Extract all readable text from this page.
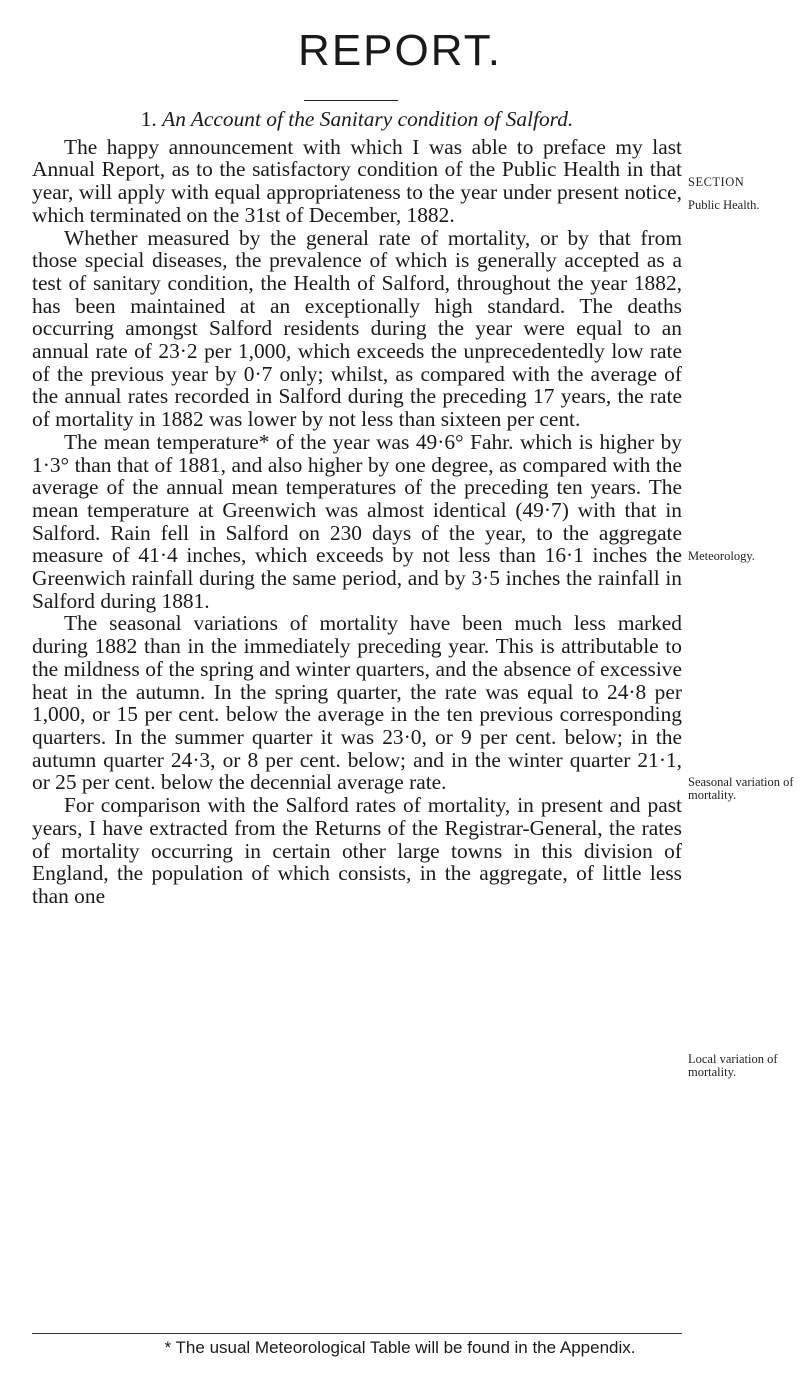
REPORT.

1. An Account of the Sanitary condition of Salford.

The happy announcement with which I was able to preface my last Annual Report, as to the satisfactory condition of the Public Health in that year, will apply with equal appropriateness to the year under present notice, which terminated on the 31st of December, 1882.

Whether measured by the general rate of mortality, or by that from those special diseases, the prevalence of which is generally accepted as a test of sanitary condition, the Health of Salford, throughout the year 1882, has been maintained at an exceptionally high standard. The deaths occurring amongst Salford residents during the year were equal to an annual rate of 23·2 per 1,000, which exceeds the unprecedentedly low rate of the previous year by 0·7 only; whilst, as compared with the average of the annual rates recorded in Salford during the preceding 17 years, the rate of mortality in 1882 was lower by not less than sixteen per cent.

The mean temperature* of the year was 49·6° Fahr. which is higher by 1·3° than that of 1881, and also higher by one degree, as compared with the average of the annual mean temperatures of the preceding ten years. The mean temperature at Greenwich was almost identical (49·7) with that in Salford. Rain fell in Salford on 230 days of the year, to the aggregate measure of 41·4 inches, which exceeds by not less than 16·1 inches the Greenwich rainfall during the same period, and by 3·5 inches the rainfall in Salford during 1881.

The seasonal variations of mortality have been much less marked during 1882 than in the immediately preceding year. This is attributable to the mildness of the spring and winter quarters, and the absence of excessive heat in the autumn. In the spring quarter, the rate was equal to 24·8 per 1,000, or 15 per cent. below the average in the ten previous corresponding quarters. In the summer quarter it was 23·0, or 9 per cent. below; in the autumn quarter 24·3, or 8 per cent. below; and in the winter quarter 21·1, or 25 per cent. below the decennial average rate.

For comparison with the Salford rates of mortality, in present and past years, I have extracted from the Returns of the Registrar-General, the rates of mortality occurring in certain other large towns in this division of England, the population of which consists, in the aggregate, of little less than one

SECTION
Public Health.
Meteorology.
Seasonal variation of mortality.
Local variation of mortality.

* The usual Meteorological Table will be found in the Appendix.
